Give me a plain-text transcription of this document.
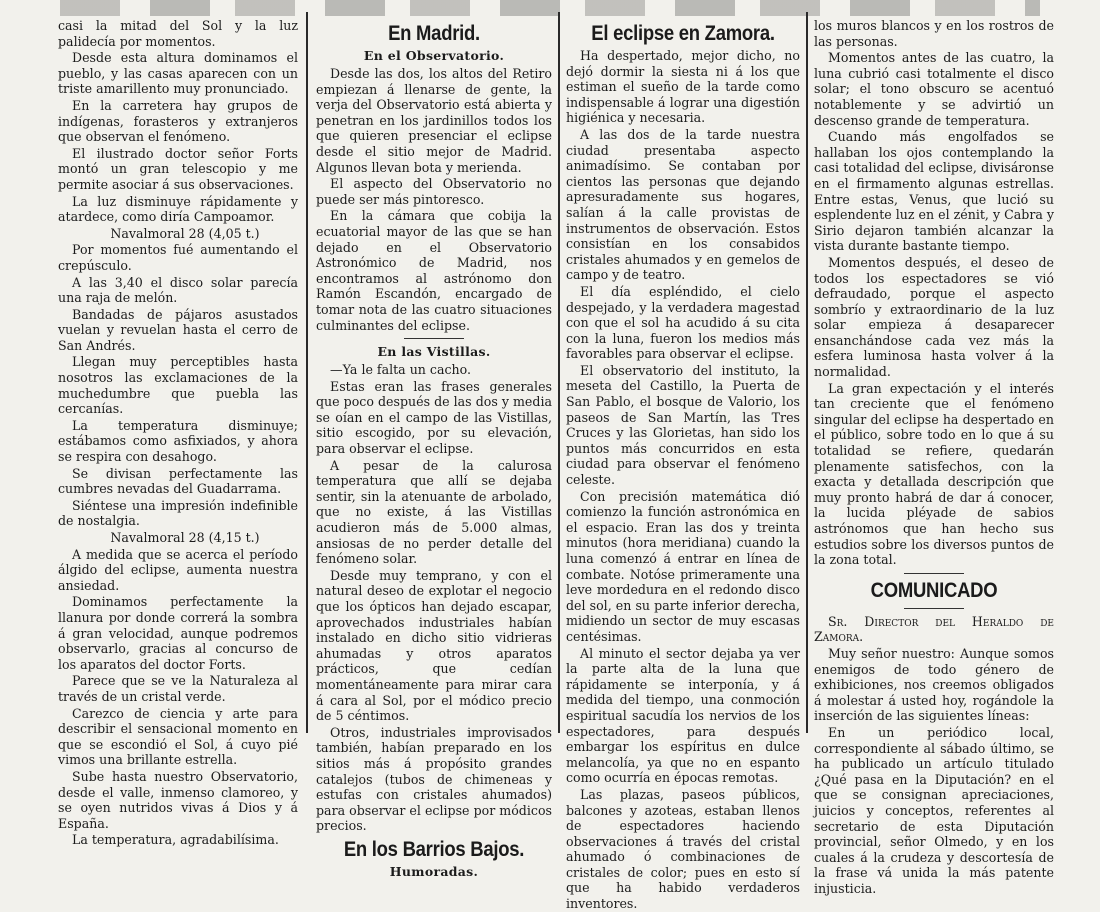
casi la mitad del Sol y la luz palidecía por momentos.

Desde esta altura dominamos el pueblo, y las casas aparecen con un triste amarillento muy pronunciado.

En la carretera hay grupos de indígenas, forasteros y extranjeros que observan el fenómeno.

El ilustrado doctor señor Forts montó un gran telescopio y me permite asociar á sus observaciones.

La luz disminuye rápidamente y atardece, como diría Campoamor.

Navalmoral 28 (4,05 t.)

Por momentos fué aumentando el crepúsculo.

A las 3,40 el disco solar parecía una raja de melón.

Bandadas de pájaros asustados vuelan y revuelan hasta el cerro de San Andrés.

Llegan muy perceptibles hasta nosotros las exclamaciones de la muchedumbre que puebla las cercanías.

La temperatura disminuye; estábamos como asfixiados, y ahora se respira con desahogo.

Se divisan perfectamente las cumbres nevadas del Guadarrama.

Siéntese una impresión indefinible de nostalgia.

Navalmoral 28 (4,15 t.)

A medida que se acerca el período álgido del eclipse, aumenta nuestra ansiedad.

Dominamos perfectamente la llanura por donde correrá la sombra á gran velocidad, aunque podremos observarlo, gracias al concurso de los aparatos del doctor Forts.

Parece que se ve la Naturaleza al través de un cristal verde.

Carezco de ciencia y arte para describir el sensacional momento en que se escondió el Sol, á cuyo pié vimos una brillante estrella.

Sube hasta nuestro Observatorio, desde el valle, inmenso clamoreo, y se oyen nutridos vivas á Dios y á España.

La temperatura, agradabilísima.

En Madrid.
En el Observatorio.

Desde las dos, los altos del Retiro empiezan á llenarse de gente, la verja del Observatorio está abierta y penetran en los jardinillos todos los que quieren presenciar el eclipse desde el sitio mejor de Madrid. Algunos llevan bota y merienda.

El aspecto del Observatorio no puede ser más pintoresco.

En la cámara que cobija la ecuatorial mayor de las que se han dejado en el Observatorio Astronómico de Madrid, nos encontramos al astrónomo don Ramón Escandón, encargado de tomar nota de las cuatro situaciones culminantes del eclipse.

En las Vistillas.

—Ya le falta un cacho.

Estas eran las frases generales que poco después de las dos y media se oían en el campo de las Vistillas, sitio escogido, por su elevación, para observar el eclipse.

A pesar de la calurosa temperatura que allí se dejaba sentir, sin la atenuante de arbolado, que no existe, á las Vistillas acudieron más de 5.000 almas, ansiosas de no perder detalle del fenómeno solar.

Desde muy temprano, y con el natural deseo de explotar el negocio que los ópticos han dejado escapar, aprovechados industriales habían instalado en dicho sitio vidrieras ahumadas y otros aparatos prácticos, que cedían momentáneamente para mirar cara á cara al Sol, por el módico precio de 5 céntimos.

Otros, industriales improvisados también, habían preparado en los sitios más á propósito grandes catalejos (tubos de chimeneas y estufas con cristales ahumados) para observar el eclipse por módicos precios.

En los Barrios Bajos.
Humoradas.
El eclipse en Zamora.

Ha despertado, mejor dicho, no dejó dormir la siesta ni á los que estiman el sueño de la tarde como indispensable á lograr una digestión higiénica y necesaria.

A las dos de la tarde nuestra ciudad presentaba aspecto animadísimo. Se contaban por cientos las personas que dejando apresuradamente sus hogares, salían á la calle provistas de instrumentos de observación. Estos consistían en los consabidos cristales ahumados y en gemelos de campo y de teatro.

El día espléndido, el cielo despejado, y la verdadera magestad con que el sol ha acudido á su cita con la luna, fueron los medios más favorables para observar el eclipse.

El observatorio del instituto, la meseta del Castillo, la Puerta de San Pablo, el bosque de Valorio, los paseos de San Martín, las Tres Cruces y las Glorietas, han sido los puntos más concurridos en esta ciudad para observar el fenómeno celeste.

Con precisión matemática dió comienzo la función astronómica en el espacio. Eran las dos y treinta minutos (hora meridiana) cuando la luna comenzó á entrar en línea de combate. Notóse primeramente una leve mordedura en el redondo disco del sol, en su parte inferior derecha, midiendo un sector de muy escasas centésimas.

Al minuto el sector dejaba ya ver la parte alta de la luna que rápidamente se interponía, y á medida del tiempo, una conmoción espiritual sacudía los nervios de los espectadores, para después embargar los espíritus en dulce melancolía, ya que no en espanto como ocurría en épocas remotas.

Las plazas, paseos públicos, balcones y azoteas, estaban llenos de espectadores haciendo observaciones á través del cristal ahumado ó combinaciones de cristales de color; pues en esto sí que ha habido verdaderos inventores.

los muros blancos y en los rostros de las personas.

Momentos antes de las cuatro, la luna cubrió casi totalmente el disco solar; el tono obscuro se acentuó notablemente y se advirtió un descenso grande de temperatura.

Cuando más engolfados se hallaban los ojos contemplando la casi totalidad del eclipse, divisáronse en el firmamento algunas estrellas. Entre estas, Venus, que lució su esplendente luz en el zénit, y Cabra y Sirio dejaron también alcanzar la vista durante bastante tiempo.

Momentos después, el deseo de todos los espectadores se vió defraudado, porque el aspecto sombrío y extraordinario de la luz solar empieza á desaparecer ensanchándose cada vez más la esfera luminosa hasta volver á la normalidad.

La gran expectación y el interés tan creciente que el fenómeno singular del eclipse ha despertado en el público, sobre todo en lo que á su totalidad se refiere, quedarán plenamente satisfechos, con la exacta y detallada descripción que muy pronto habrá de dar á conocer, la lucida pléyade de sabios astrónomos que han hecho sus estudios sobre los diversos puntos de la zona total.

COMUNICADO

Sr. Director del Heraldo de Zamora.

Muy señor nuestro: Aunque somos enemigos de todo género de exhibiciones, nos creemos obligados á molestar á usted hoy, rogándole la inserción de las siguientes líneas:

En un periódico local, correspondiente al sábado último, se ha publicado un artículo titulado ¿Qué pasa en la Diputación? en el que se consignan apreciaciones, juicios y conceptos, referentes al secretario de esta Diputación provincial, señor Olmedo, y en los cuales á la crudeza y descortesía de la frase vá unida la más patente injusticia.
